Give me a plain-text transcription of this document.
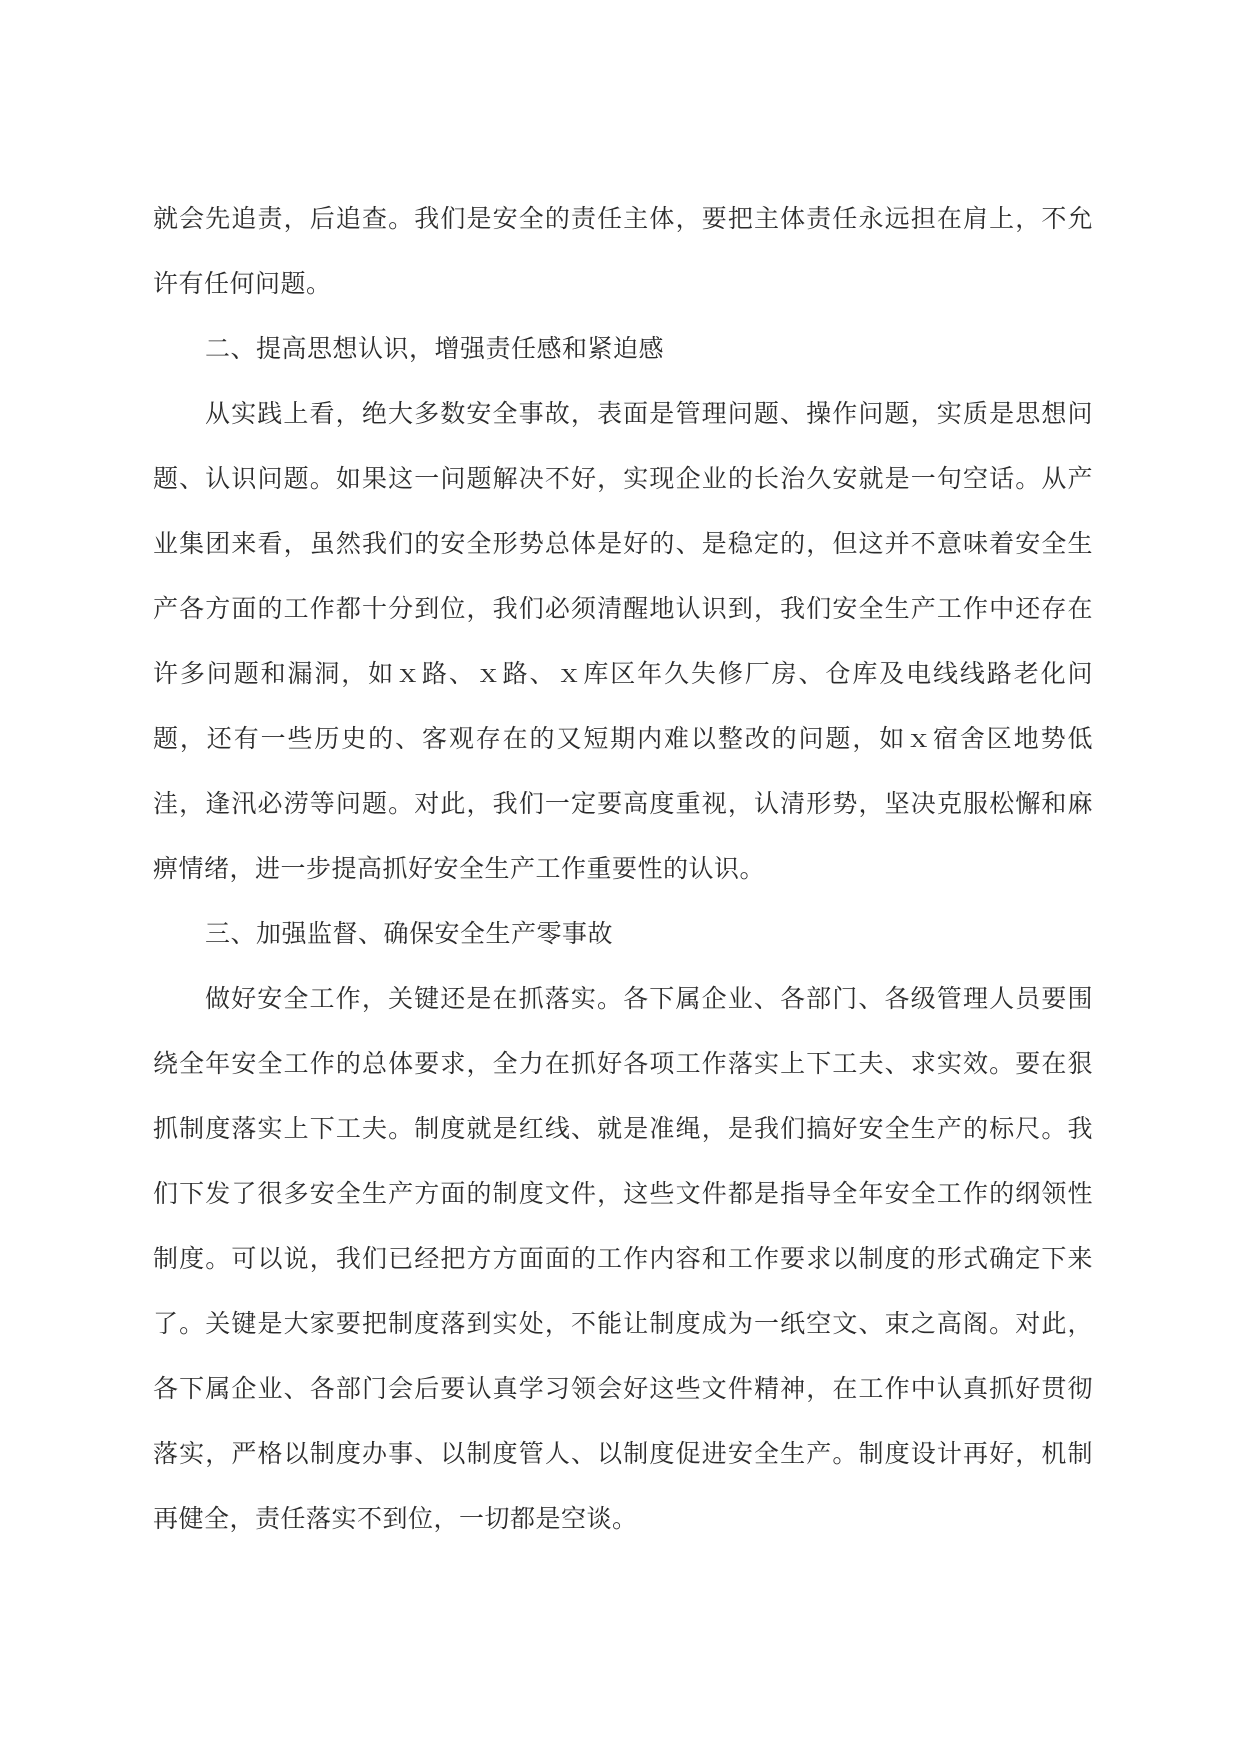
就会先追责，后追查。我们是安全的责任主体，要把主体责任永远担在肩上，不允许有任何问题。

二、提高思想认识，增强责任感和紧迫感

从实践上看，绝大多数安全事故，表面是管理问题、操作问题，实质是思想问题、认识问题。如果这一问题解决不好，实现企业的长治久安就是一句空话。从产业集团来看，虽然我们的安全形势总体是好的、是稳定的，但这并不意味着安全生产各方面的工作都十分到位，我们必须清醒地认识到，我们安全生产工作中还存在许多问题和漏洞，如ｘ路、ｘ路、ｘ库区年久失修厂房、仓库及电线线路老化问题，还有一些历史的、客观存在的又短期内难以整改的问题，如ｘ宿舍区地势低洼，逢汛必涝等问题。对此，我们一定要高度重视，认清形势，坚决克服松懈和麻痹情绪，进一步提高抓好安全生产工作重要性的认识。

三、加强监督、确保安全生产零事故

做好安全工作，关键还是在抓落实。各下属企业、各部门、各级管理人员要围绕全年安全工作的总体要求，全力在抓好各项工作落实上下工夫、求实效。要在狠抓制度落实上下工夫。制度就是红线、就是准绳，是我们搞好安全生产的标尺。我们下发了很多安全生产方面的制度文件，这些文件都是指导全年安全工作的纲领性制度。可以说，我们已经把方方面面的工作内容和工作要求以制度的形式确定下来了。关键是大家要把制度落到实处，不能让制度成为一纸空文、束之高阁。对此，各下属企业、各部门会后要认真学习领会好这些文件精神，在工作中认真抓好贯彻落实，严格以制度办事、以制度管人、以制度促进安全生产。制度设计再好，机制再健全，责任落实不到位，一切都是空谈。
